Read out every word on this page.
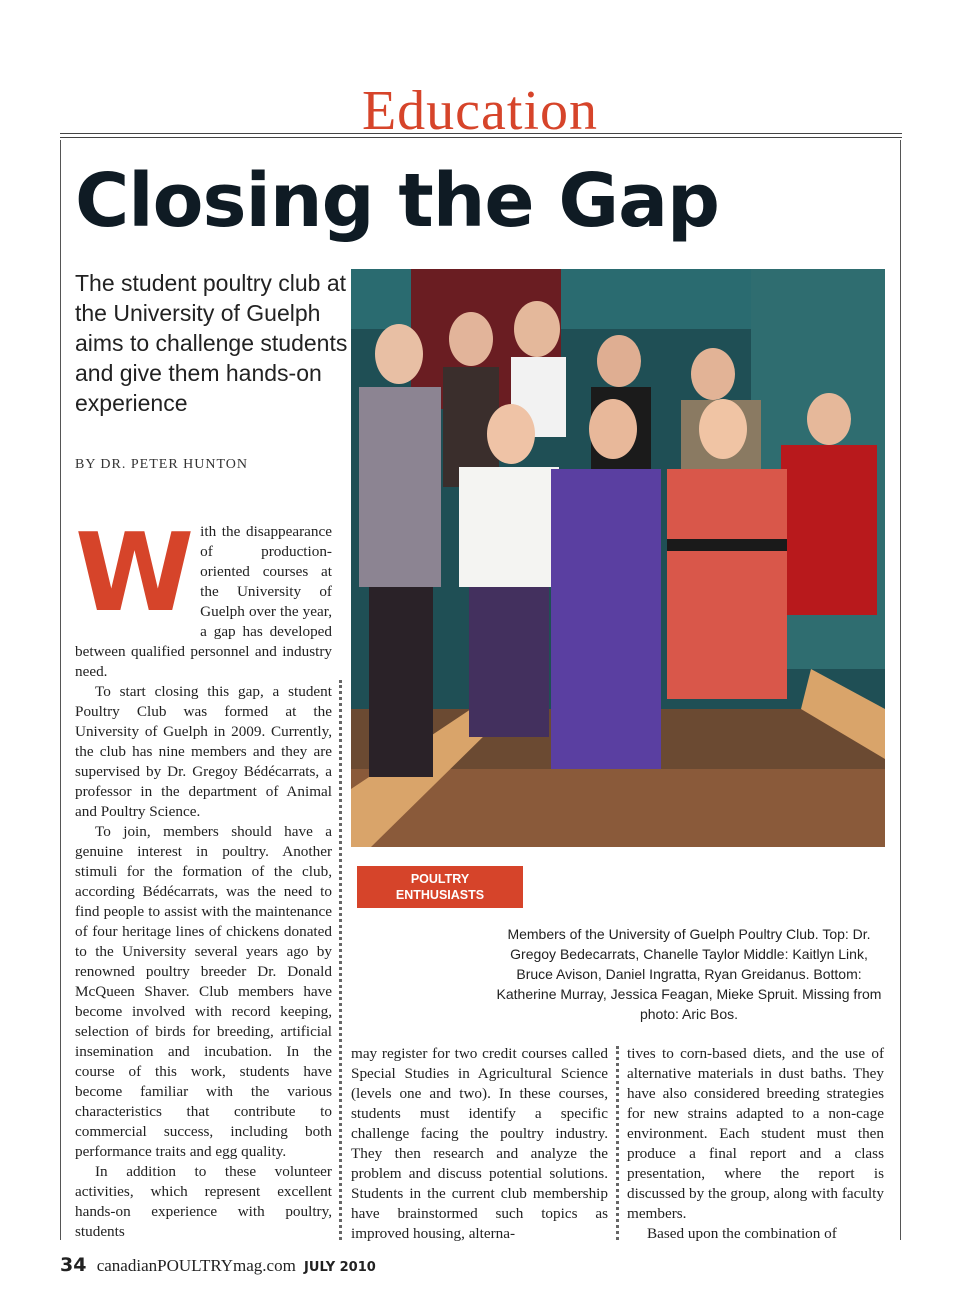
Education
Closing the Gap
The student poultry club at the University of Guelph aims to challenge students and give them hands-on experience
BY DR. PETER HUNTON
W ith the disappearance of production-oriented courses at the University of Guelph over the year, a gap has developed between qualified personnel and industry need.

To start closing this gap, a student Poultry Club was formed at the University of Guelph in 2009. Currently, the club has nine members and they are supervised by Dr. Gregoy Bédécarrats, a professor in the department of Animal and Poultry Science.

To join, members should have a genuine interest in poultry. Another stimuli for the formation of the club, according Bédécarrats, was the need to find people to assist with the maintenance of four heritage lines of chickens donated to the University several years ago by renowned poultry breeder Dr. Donald McQueen Shaver. Club members have become involved with record keeping, selection of birds for breeding, artificial insemination and incubation. In the course of this work, students have become familiar with the various characteristics that contribute to commercial success, including both performance traits and egg quality.

In addition to these volunteer activities, which represent excellent hands-on experience with poultry, students

POULTRY
ENTHUSIASTS
Members of the University of Guelph Poultry Club. Top: Dr. Gregoy Bedecarrats, Chanelle Taylor Middle: Kaitlyn Link, Bruce Avison, Daniel Ingratta, Ryan Greidanus. Bottom: Katherine Murray, Jessica Feagan, Mieke Spruit. Missing from photo: Aric Bos.

may register for two credit courses called Special Studies in Agricultural Science (levels one and two). In these courses, students must identify a specific challenge facing the poultry industry. They then research and analyze the problem and discuss potential solutions. Students in the current club membership have brainstormed such topics as improved housing, alterna-

tives to corn-based diets, and the use of alternative materials in dust baths. They have also considered breeding strategies for new strains adapted to a non-cage environment. Each student must then produce a final report and a class presentation, where the report is discussed by the group, along with faculty members.

Based upon the combination of

34 canadianPOULTRYmag.com JULY 2010
